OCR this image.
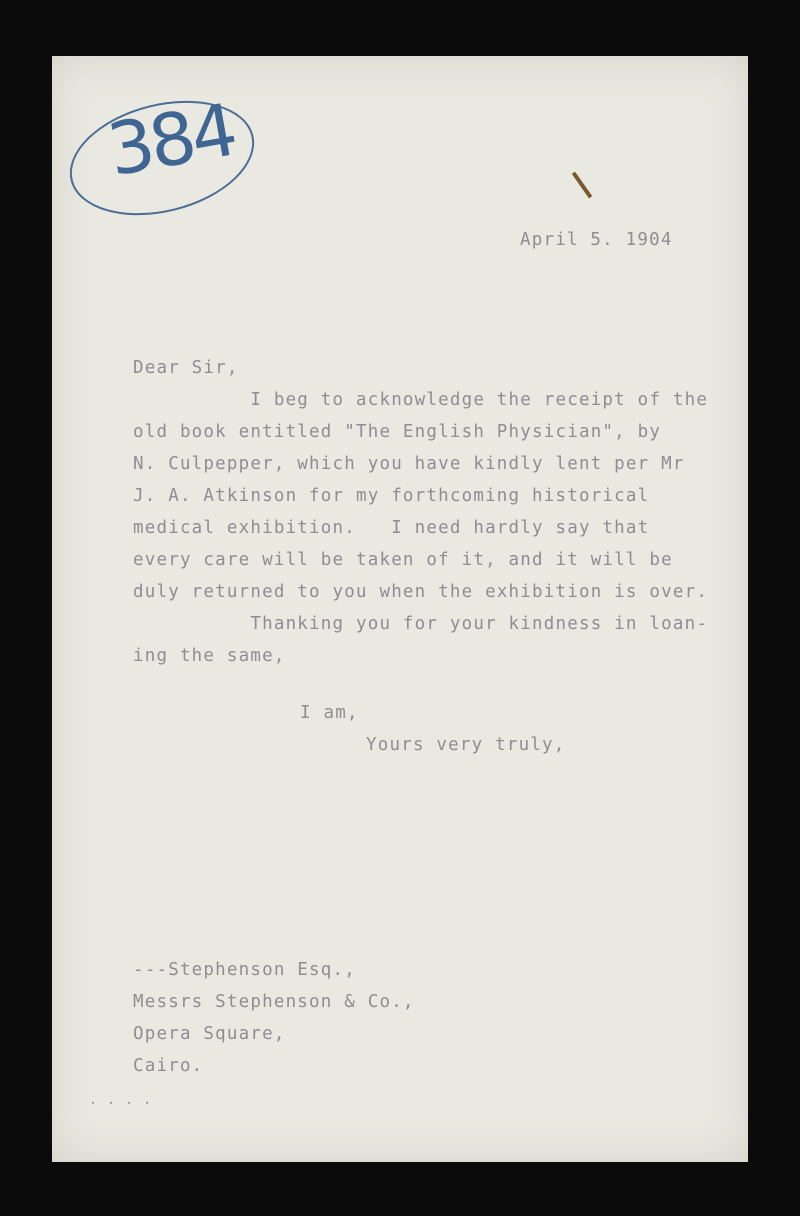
384
April 5. 1904
Dear Sir,
I beg to acknowledge the receipt of the
old book entitled "The English Physician", by
N. Culpepper, which you have kindly lent per Mr
J. A. Atkinson for my forthcoming historical
medical exhibition.   I need hardly say that
every care will be taken of it, and it will be
duly returned to you when the exhibition is over.
Thanking you for your kindness in loan-
ing the same,
I am,
Yours very truly,
---Stephenson Esq.,
Messrs Stephenson & Co.,
Opera Square,
Cairo.
· · · ·
